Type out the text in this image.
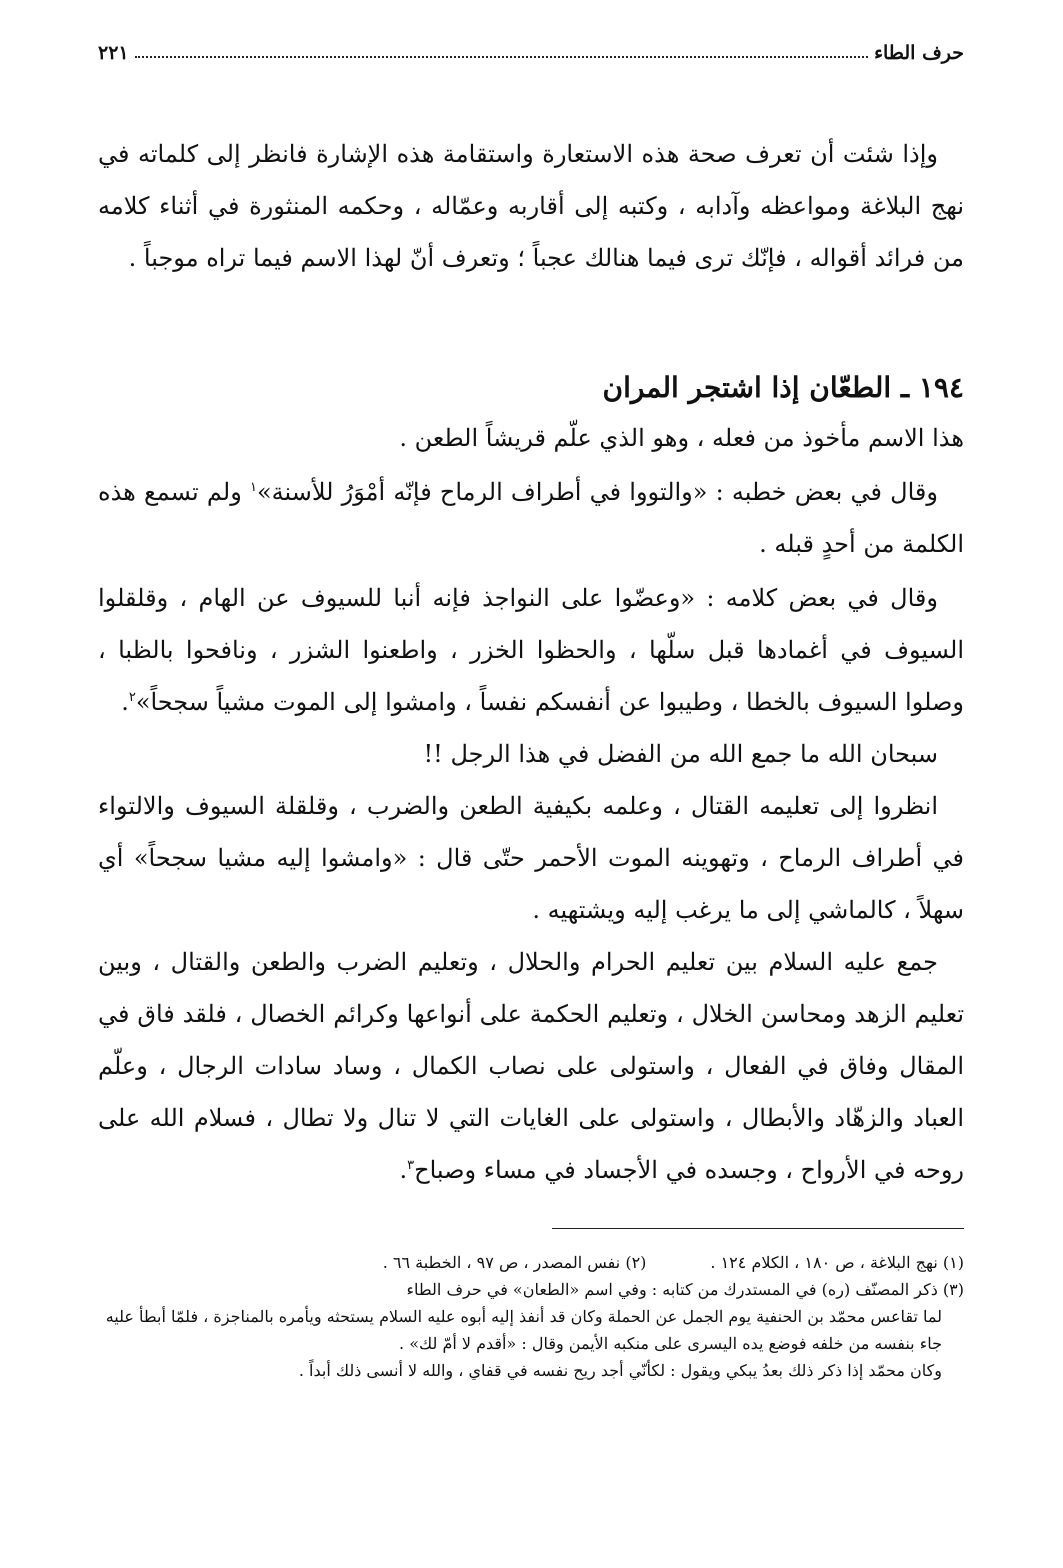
حرف الطاء
٢٢١

وإذا شئت أن تعرف صحة هذه الاستعارة واستقامة هذه الإشارة فانظر إلى كلماته في نهج البلاغة ومواعظه وآدابه ، وكتبه إلى أقاربه وعمّاله ، وحكمه المنثورة في أثناء كلامه من فرائد أقواله ، فإنّك ترى فيما هنالك عجباً ؛ وتعرف أنّ لهذا الاسم فيما تراه موجباً .

١٩٤ ـ الطعّان إذا اشتجر المران

هذا الاسم مأخوذ من فعله ، وهو الذي علّم قريشاً الطعن .

وقال في بعض خطبه : «والتووا في أطراف الرماح فإنّه أمْوَرُ للأسنة»$^١$ ولم تسمع هذه الكلمة من أحدٍ قبله .

وقال في بعض كلامه : «وعضّوا على النواجذ فإنه أنبا للسيوف عن الهام ، وقلقلوا السيوف في أغمادها قبل سلّها ، والحظوا الخزر ، واطعنوا الشزر ، ونافحوا بالظبا ، وصلوا السيوف بالخطا ، وطيبوا عن أنفسكم نفساً ، وامشوا إلى الموت مشياً سجحاً»$^٢$.

سبحان الله ما جمع الله من الفضل في هذا الرجل !!

انظروا إلى تعليمه القتال ، وعلمه بكيفية الطعن والضرب ، وقلقلة السيوف والالتواء في أطراف الرماح ، وتهوينه الموت الأحمر حتّى قال : «وامشوا إليه مشيا سجحاً» أي سهلاً ، كالماشي إلى ما يرغب إليه ويشتهيه .

جمع عليه السلام بين تعليم الحرام والحلال ، وتعليم الضرب والطعن والقتال ، وبين تعليم الزهد ومحاسن الخلال ، وتعليم الحكمة على أنواعها وكرائم الخصال ، فلقد فاق في المقال وفاق في الفعال ، واستولى على نصاب الكمال ، وساد سادات الرجال ، وعلّم العباد والزهّاد والأبطال ، واستولى على الغايات التي لا تنال ولا تطال ، فسلام الله على روحه في الأرواح ، وجسده في الأجساد في مساء وصباح$^٣$.

(١) نهج البلاغة ، ص ١٨٠ ، الكلام ١٢٤ .
(٢) نفس المصدر ، ص ٩٧ ، الخطبة ٦٦ .

(٣) ذكر المصنّف (ره) في المستدرك من كتابه : وفي اسم «الطعان» في حرف الطاء

لما تقاعس محمّد بن الحنفية يوم الجمل عن الحملة وكان قد أنفذ إليه أبوه عليه السلام يستحثه ويأمره بالمناجزة ، فلمّا أبطأ عليه جاء بنفسه من خلفه فوضع يده اليسرى على منكبه الأيمن وقال : «أقدم لا أمّ لك» .

وكان محمّد إذا ذكر ذلك بعدُ يبكي ويقول : لكأنّي أجد ريح نفسه في قفاي ، والله لا أنسى ذلك أبداً .
